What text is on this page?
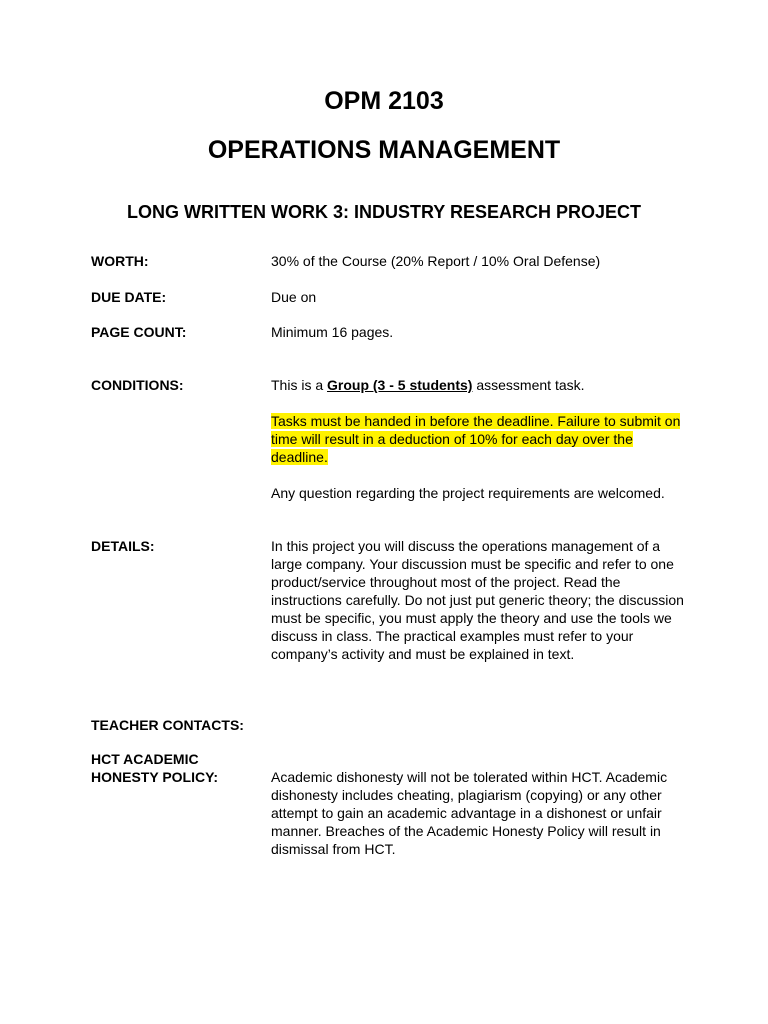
OPM 2103
OPERATIONS MANAGEMENT
LONG WRITTEN WORK 3: INDUSTRY RESEARCH PROJECT
WORTH:	30% of the Course (20% Report / 10% Oral Defense)
DUE DATE:	Due on
PAGE COUNT:	Minimum 16 pages.
CONDITIONS:	This is a Group (3 - 5 students) assessment task.
Tasks must be handed in before the deadline. Failure to submit on time will result in a deduction of 10% for each day over the deadline.
Any question regarding the project requirements are welcomed.
DETAILS:	In this project you will discuss the operations management of a large company. Your discussion must be specific and refer to one product/service throughout most of the project. Read the instructions carefully. Do not just put generic theory; the discussion must be specific, you must apply the theory and use the tools we discuss in class. The practical examples must refer to your company’s activity and must be explained in text.
TEACHER CONTACTS:
HCT ACADEMIC
HONESTY POLICY:	Academic dishonesty will not be tolerated within HCT. Academic dishonesty includes cheating, plagiarism (copying) or any other attempt to gain an academic advantage in a dishonest or unfair manner. Breaches of the Academic Honesty Policy will result in dismissal from HCT.
